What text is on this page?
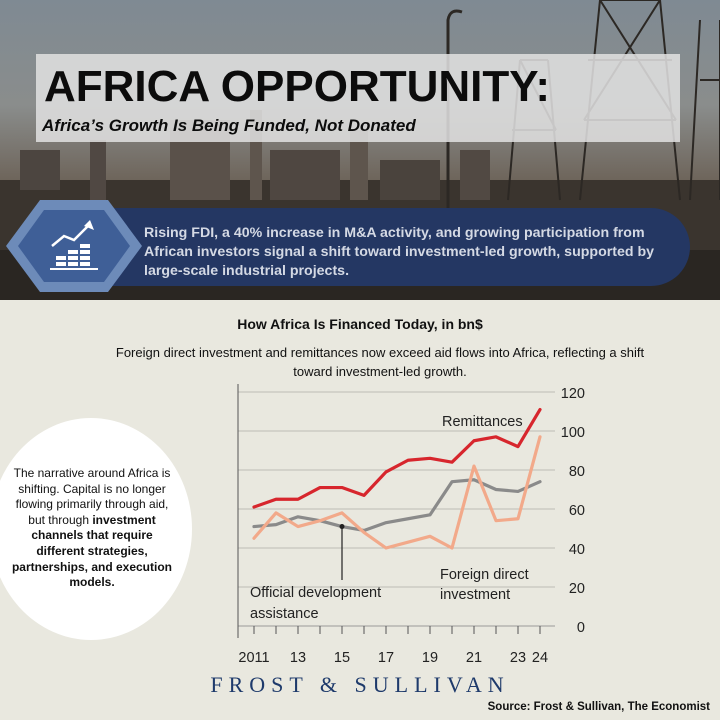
AFRICA OPPORTUNITY:
Africa’s Growth Is Being Funded, Not Donated
Rising FDI, a 40% increase in M&A activity, and growing participation from African investors signal a shift toward investment-led growth, supported by large-scale industrial projects.
How Africa Is Financed Today, in bn$
Foreign direct investment and remittances now exceed aid flows into Africa, reflecting a shift toward investment-led growth.
The narrative around Africa is shifting. Capital is no longer flowing primarily through aid, but through investment channels that require different strategies, partnerships, and execution models.
0
20
40
60
80
100
120
2011 13 15 17 19 21 23 24
Remittances
Official development
assistance
Foreign direct
investment
FROST & SULLIVAN
Source: Frost & Sullivan, The Economist
